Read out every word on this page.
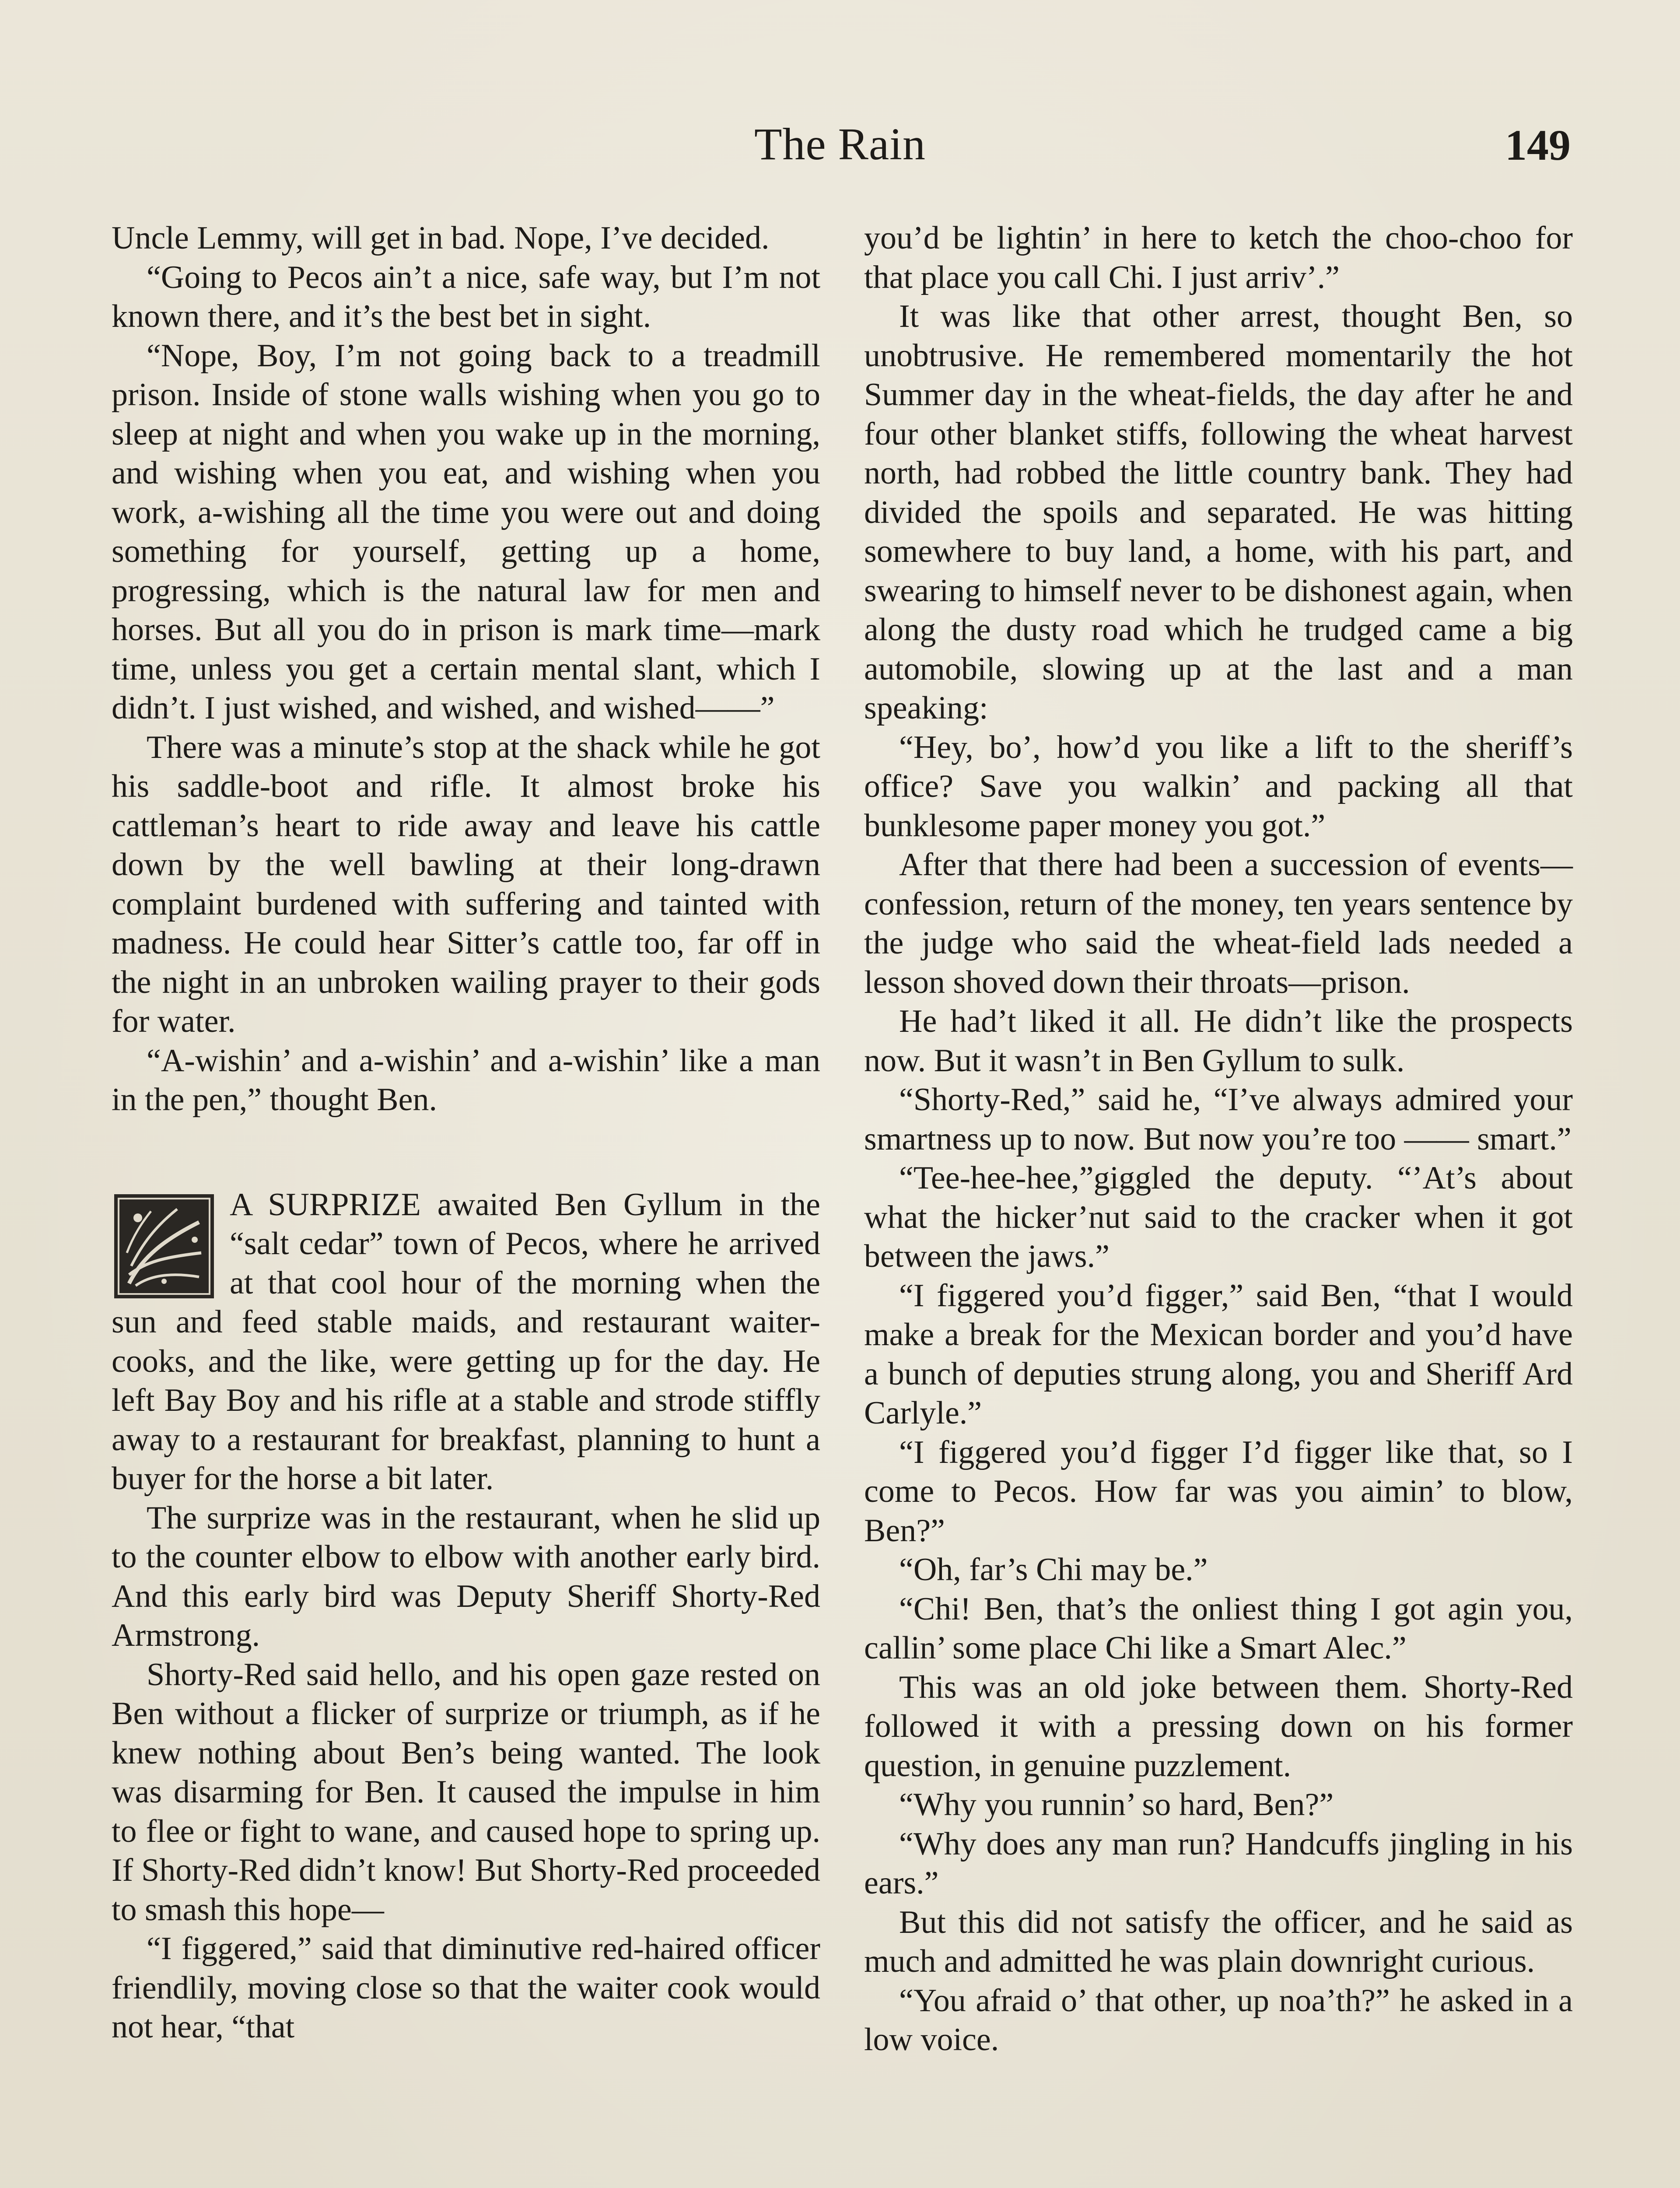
The Rain	149

Uncle Lemmy, will get in bad. Nope, I’ve decided.

“Going to Pecos ain’t a nice, safe way, but I’m not known there, and it’s the best bet in sight.

“Nope, Boy, I’m not going back to a treadmill prison. Inside of stone walls wishing when you go to sleep at night and when you wake up in the morning, and wishing when you eat, and wishing when you work, a-wishing all the time you were out and doing something for yourself, getting up a home, progressing, which is the natural law for men and horses. But all you do in prison is mark time—mark time, unless you get a certain mental slant, which I didn’t. I just wished, and wished, and wished——”

There was a minute’s stop at the shack while he got his saddle-boot and rifle. It almost broke his cattleman’s heart to ride away and leave his cattle down by the well bawling at their long-drawn complaint burdened with suffering and tainted with madness. He could hear Sitter’s cattle too, far off in the night in an unbroken wailing prayer to their gods for water.

“A-wishin’ and a-wishin’ and a-wishin’ like a man in the pen,” thought Ben.

A SURPRIZE awaited Ben Gyllum in the “salt cedar” town of Pecos, where he arrived at that cool hour of the morning when the sun and feed stable maids, and restaurant waiter-cooks, and the like, were getting up for the day. He left Bay Boy and his rifle at a stable and strode stiffly away to a restaurant for breakfast, planning to hunt a buyer for the horse a bit later.

The surprize was in the restaurant, when he slid up to the counter elbow to elbow with another early bird. And this early bird was Deputy Sheriff Shorty-Red Armstrong.

Shorty-Red said hello, and his open gaze rested on Ben without a flicker of surprize or triumph, as if he knew nothing about Ben’s being wanted. The look was disarming for Ben. It caused the impulse in him to flee or fight to wane, and caused hope to spring up. If Shorty-Red didn’t know! But Shorty-Red proceeded to smash this hope—

“I figgered,” said that diminutive red-haired officer friendlily, moving close so that the waiter cook would not hear, “that

you’d be lightin’ in here to ketch the choo-choo for that place you call Chi. I just arriv’.”

It was like that other arrest, thought Ben, so unobtrusive. He remembered momentarily the hot Summer day in the wheat-fields, the day after he and four other blanket stiffs, following the wheat harvest north, had robbed the little country bank. They had divided the spoils and separated. He was hitting somewhere to buy land, a home, with his part, and swearing to himself never to be dishonest again, when along the dusty road which he trudged came a big automobile, slowing up at the last and a man speaking:

“Hey, bo’, how’d you like a lift to the sheriff’s office? Save you walkin’ and packing all that bunklesome paper money you got.”

After that there had been a succession of events—confession, return of the money, ten years sentence by the judge who said the wheat-field lads needed a lesson shoved down their throats—prison.

He had’t liked it all. He didn’t like the prospects now. But it wasn’t in Ben Gyllum to sulk.

“Shorty-Red,” said he, “I’ve always admired your smartness up to now. But now you’re too —— smart.”

“Tee-hee-hee,”giggled the deputy. “’At’s about what the hicker’nut said to the cracker when it got between the jaws.”

“I figgered you’d figger,” said Ben, “that I would make a break for the Mexican border and you’d have a bunch of deputies strung along, you and Sheriff Ard Carlyle.”

“I figgered you’d figger I’d figger like that, so I come to Pecos. How far was you aimin’ to blow, Ben?”

“Oh, far’s Chi may be.”

“Chi! Ben, that’s the onliest thing I got agin you, callin’ some place Chi like a Smart Alec.”

This was an old joke between them. Shorty-Red followed it with a pressing down on his former question, in genuine puzzlement.

“Why you runnin’ so hard, Ben?”

“Why does any man run? Handcuffs jingling in his ears.”

But this did not satisfy the officer, and he said as much and admitted he was plain downright curious.

“You afraid o’ that other, up noa’th?” he asked in a low voice.
